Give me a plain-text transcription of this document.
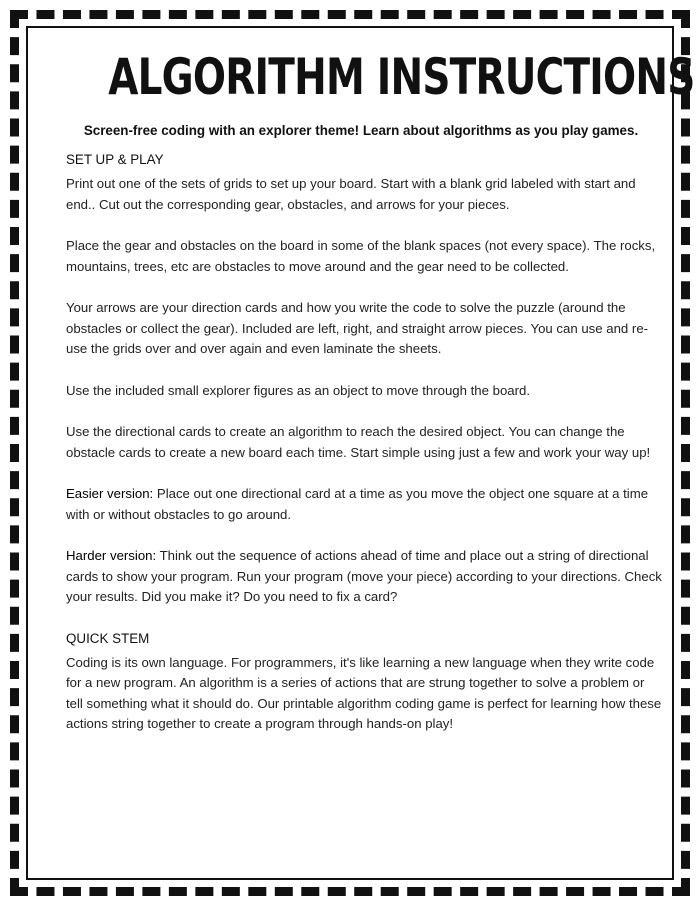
ALGORITHM INSTRUCTIONS

Screen-free coding with an explorer theme! Learn about algorithms as you play games.

SET UP & PLAY

Print out one of the sets of grids to set up your board. Start with a blank grid labeled with start and end.. Cut out the corresponding gear, obstacles, and arrows for your pieces.

Place the gear and obstacles on the board in some of the blank spaces (not every space). The rocks, mountains, trees, etc are obstacles to move around and the gear need to be collected.

Your arrows are your direction cards and how you write the code to solve the puzzle (around the obstacles or collect the gear). Included are left, right, and straight arrow pieces. You can use and re-use the grids over and over again and even laminate the sheets.

Use the included small explorer figures as an object to move through the board.

Use the directional cards to create an algorithm to reach the desired object. You can change the obstacle cards to create a new board each time. Start simple using just a few and work your way up!

Easier version: Place out one directional card at a time as you move the object one square at a time with or without obstacles to go around.

Harder version: Think out the sequence of actions ahead of time and place out a string of directional cards to show your program. Run your program (move your piece) according to your directions. Check your results. Did you make it? Do you need to fix a card?

QUICK STEM

Coding is its own language. For programmers, it's like learning a new language when they write code for a new program. An algorithm is a series of actions that are strung together to solve a problem or tell something what it should do. Our printable algorithm coding game is perfect for learning how these actions string together to create a program through hands-on play!
